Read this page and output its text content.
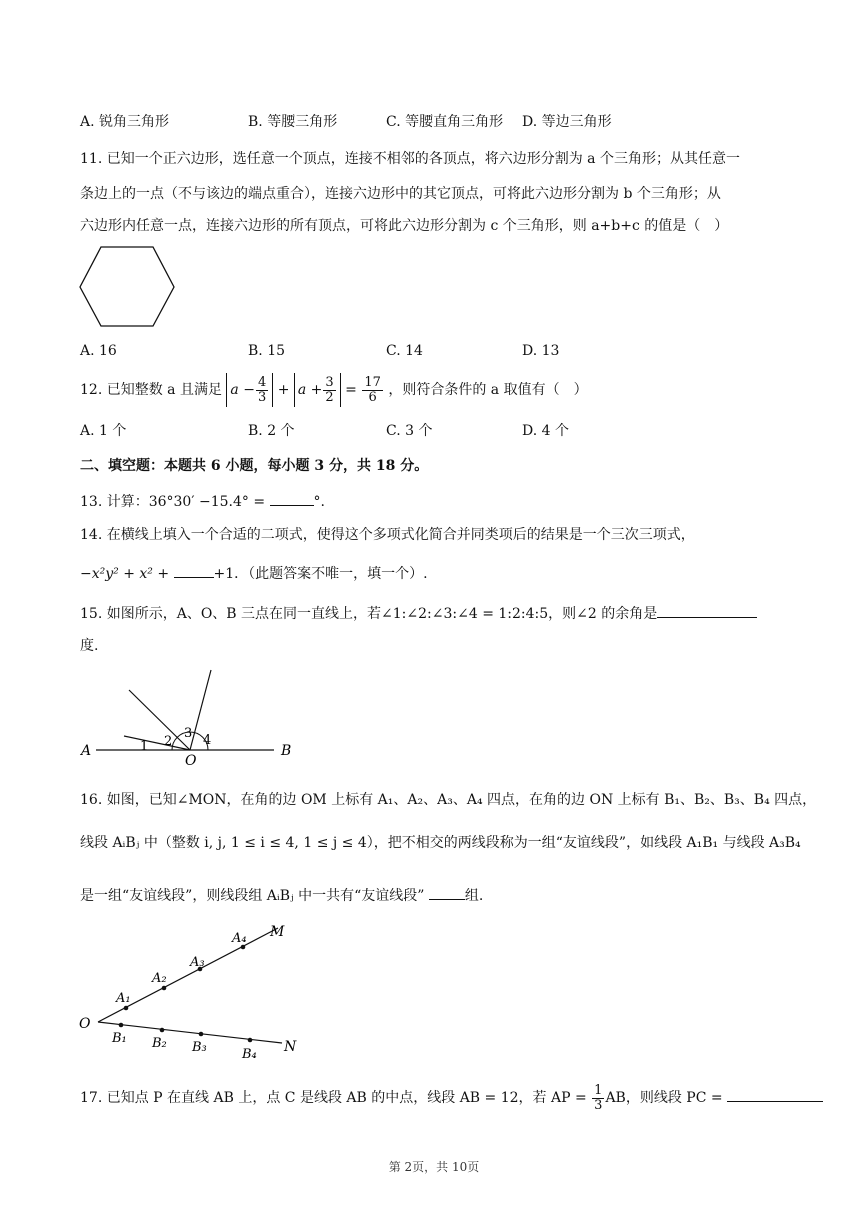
A. 锐角三角形	B. 等腰三角形	C. 等腰直角三角形 D. 等边三角形
11. 已知一个正六边形，选任意一个顶点，连接不相邻的各顶点，将六边形分割为 a 个三角形；从其任意一
条边上的一点（不与该边的端点重合），连接六边形中的其它顶点，可将此六边形分割为 b 个三角形；从
六边形内任意一点，连接六边形的所有顶点，可将此六边形分割为 c 个三角形，则 a+b+c 的值是（　）
A. 16	B. 15	C. 14	D. 13
12. 已知整数 a 且满足 $a - \frac{4}{3} + a + \frac{3}{2} = \frac{17}{6}$ ，则符合条件的 a 取值有（　）
A. 1 个	B. 2 个	C. 3 个	D. 4 个
二、填空题：本题共 6 小题，每小题 3 分，共 18 分。
13. 计算：36°30′ −15.4° =	°.
14. 在横线上填入一个合适的二项式，使得这个多项式化简合并同类项后的结果是一个三次三项式，
−x²y² + x² +	+1．（此题答案不唯一，填一个）.
15. 如图所示，A、O、B 三点在同一直线上，若∠1:∠2:∠3:∠4 = 1:2:4:5，则∠2 的余角是
度.
A
O
B
1 2
3 4
16. 如图，已知∠MON，在角的边 OM 上标有 A₁、A₂、A₃、A₄ 四点，在角的边 ON 上标有 B₁、B₂、B₃、B₄ 四点，
线段 AᵢBⱼ 中（整数 i, j, 1 ≤ i ≤ 4, 1 ≤ j ≤ 4），把不相交的两线段称为一组“友谊线段”，如线段 A₁B₁ 与线段 A₃B₄
是一组“友谊线段”，则线段组 AᵢBⱼ 中一共有“友谊线段”	组.
O
M
N
A₁
A₂
A₃
A₄
B₁ B₂ B₃	B₄
17. 已知点 P 在直线 AB 上，点 C 是线段 AB 的中点，线段 AB = 12，若 AP = $\frac{1}{3}$ AB，则线段 PC =
第 2页，共 10页
